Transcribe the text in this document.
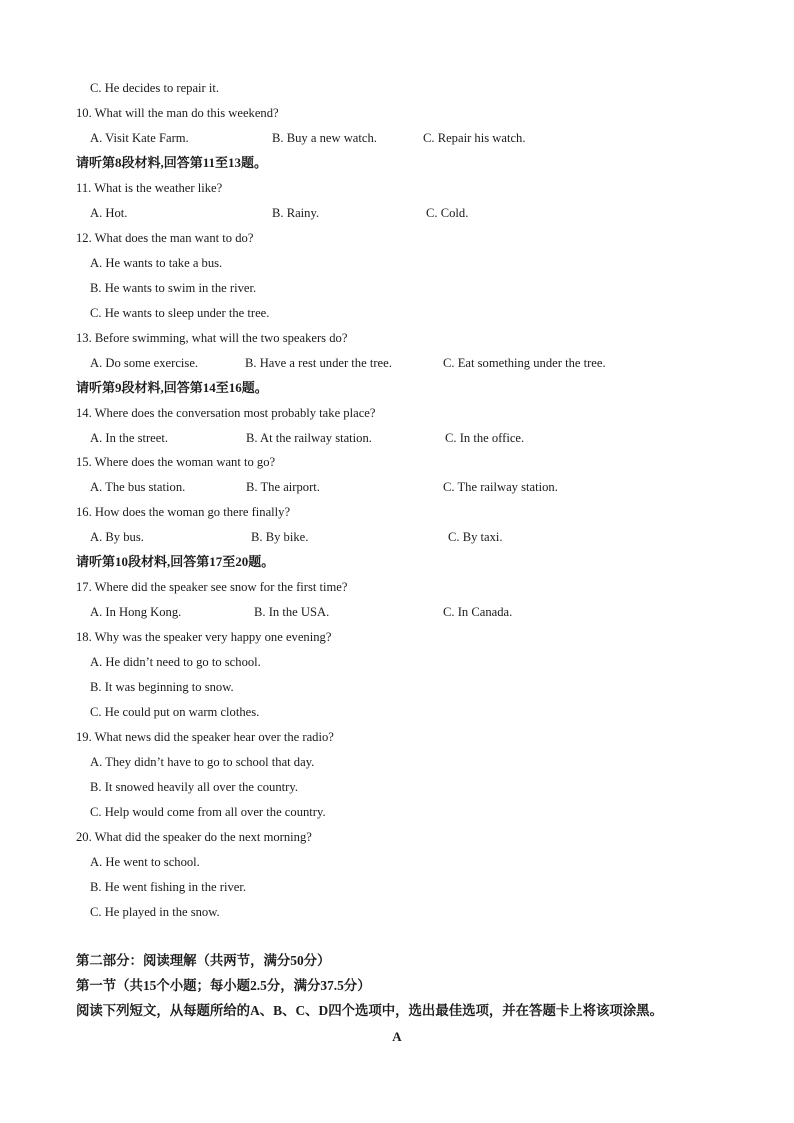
C. He decides to repair it.
10. What will the man do this weekend?
A. Visit Kate Farm.	B. Buy a new watch.	C. Repair his watch.
请听第8段材料,回答第11至13题。
11. What is the weather like?
A. Hot.	B. Rainy.	C. Cold.
12. What does the man want to do?
A. He wants to take a bus.
B. He wants to swim in the river.
C. He wants to sleep under the tree.
13. Before swimming, what will the two speakers do?
A. Do some exercise.	B. Have a rest under the tree.	C. Eat something under the tree.
请听第9段材料,回答第14至16题。
14. Where does the conversation most probably take place?
A. In the street.	B. At the railway station.	C. In the office.
15. Where does the woman want to go?
A. The bus station.	B. The airport.	C. The railway station.
16. How does the woman go there finally?
A. By bus.	B. By bike.	C. By taxi.
请听第10段材料,回答第17至20题。
17. Where did the speaker see snow for the first time?
A. In Hong Kong.	B. In the USA.	C. In Canada.
18. Why was the speaker very happy one evening?
A. He didn’t need to go to school.
B. It was beginning to snow.
C. He could put on warm clothes.
19. What news did the speaker hear over the radio?
A. They didn’t have to go to school that day.
B. It snowed heavily all over the country.
C. Help would come from all over the country.
20. What did the speaker do the next morning?
A. He went to school.
B. He went fishing in the river.
C. He played in the snow.
第二部分：阅读理解（共两节，满分50分）
第一节（共15个小题；每小题2.5分，满分37.5分）
阅读下列短文，从每题所给的A、B、C、D四个选项中，选出最佳选项，并在答题卡上将该项涂黑。
A
